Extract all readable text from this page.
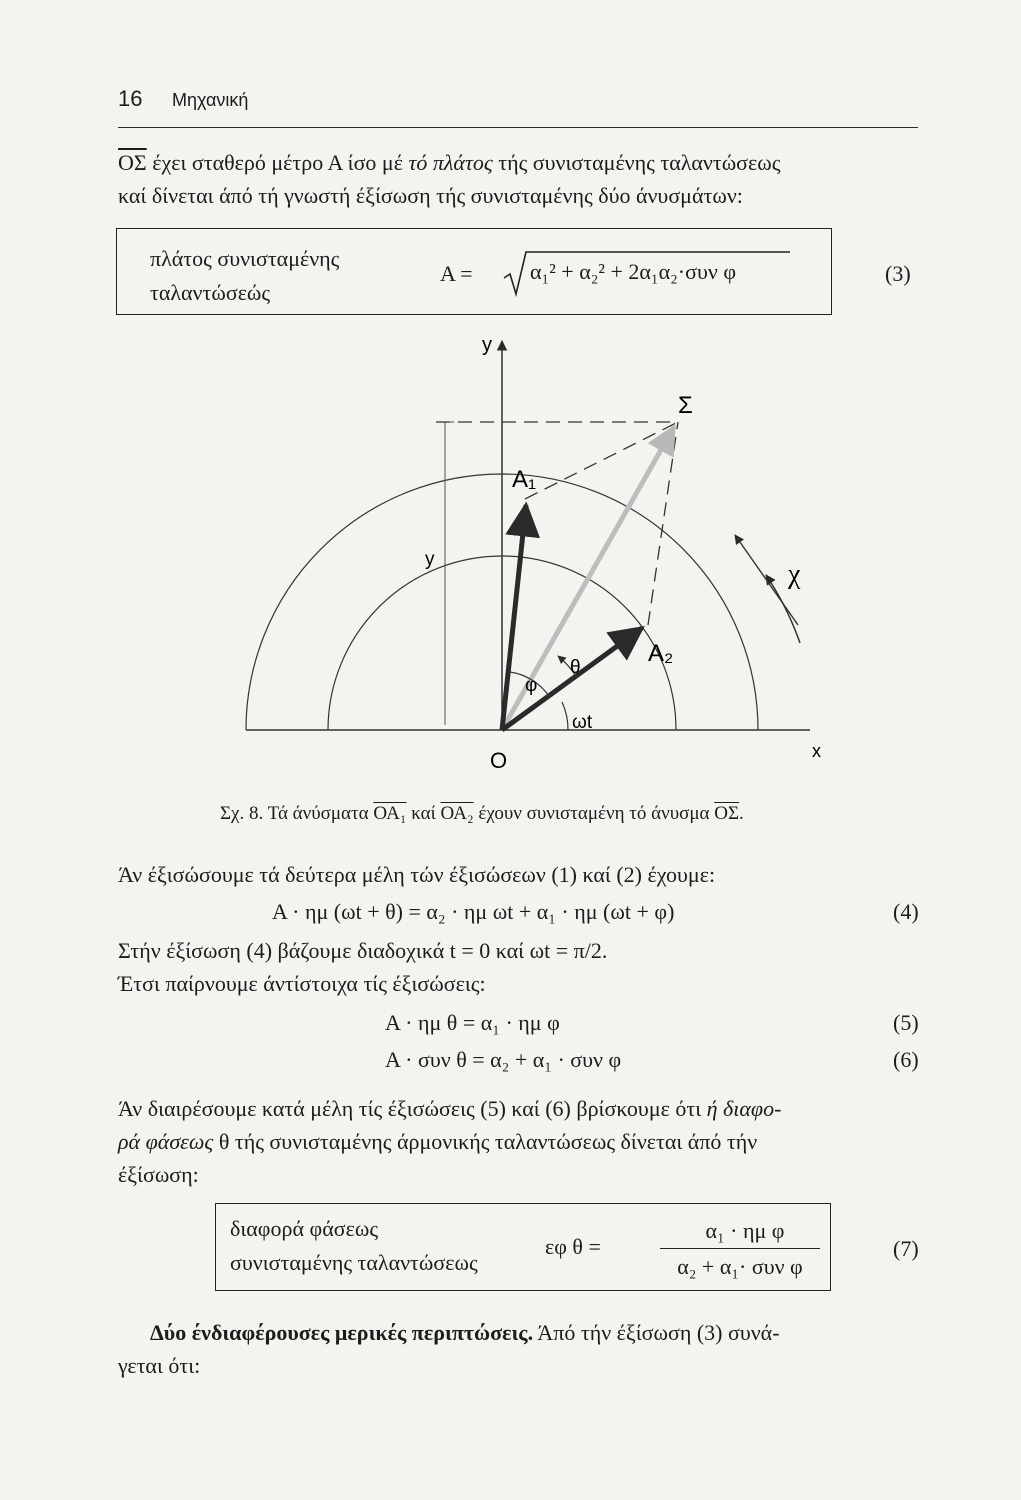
16 Μηχανική
$\overline{O\Sigma}$ έχει σταθερό μέτρο Α ίσο μέ τό πλάτος τής συνισταμένης ταλαντώσεως
καί δίνεται άπό τή γνωστή έξίσωση τής συνισταμένης δύο άνυσμάτων:
πλάτος συνισταμένης
ταλαντώσεώς
Α =	α₁² + α₂² + 2α₁α₂·συν φ	(3)
y
x
O
Σ
A₁
A₂
θ
φ
ωt
y	χ
Σχ. 8. Τά άνύσματα ΟΑ₁ καί ΟΑ₂ έχουν συνισταμένη τό άνυσμα $\overline{O\Sigma}$.
Άν έξισώσουμε τά δεύτερα μέλη τών έξισώσεων (1) καί (2) έχουμε:
Α · ημ (ωt + θ) = α₂ · ημ ωt + α₁ · ημ (ωt + φ)	(4)
Στήν έξίσωση (4) βάζουμε διαδοχικά t = 0 καί ωt = π/2.
Έτσι παίρνουμε άντίστοιχα τίς έξισώσεις:
Α · ημ θ = α₁ · ημ φ	(5)
Α · συν θ = α₂ + α₁ · συν φ	(6)
Άν διαιρέσουμε κατά μέλη τίς έξισώσεις (5) καί (6) βρίσκουμε ότι ή διαφο-
ρά φάσεως θ τής συνισταμένης άρμονικής ταλαντώσεως δίνεται άπό τήν
έξίσωση:
διαφορά φάσεως
συνισταμένης ταλαντώσεως
εφ θ =
α₁ · ημ φ
α₂ + α₁· συν φ
(7)
Δύο ένδιαφέρουσες μερικές περιπτώσεις. Άπό τήν έξίσωση (3) συνά-
γεται ότι:
